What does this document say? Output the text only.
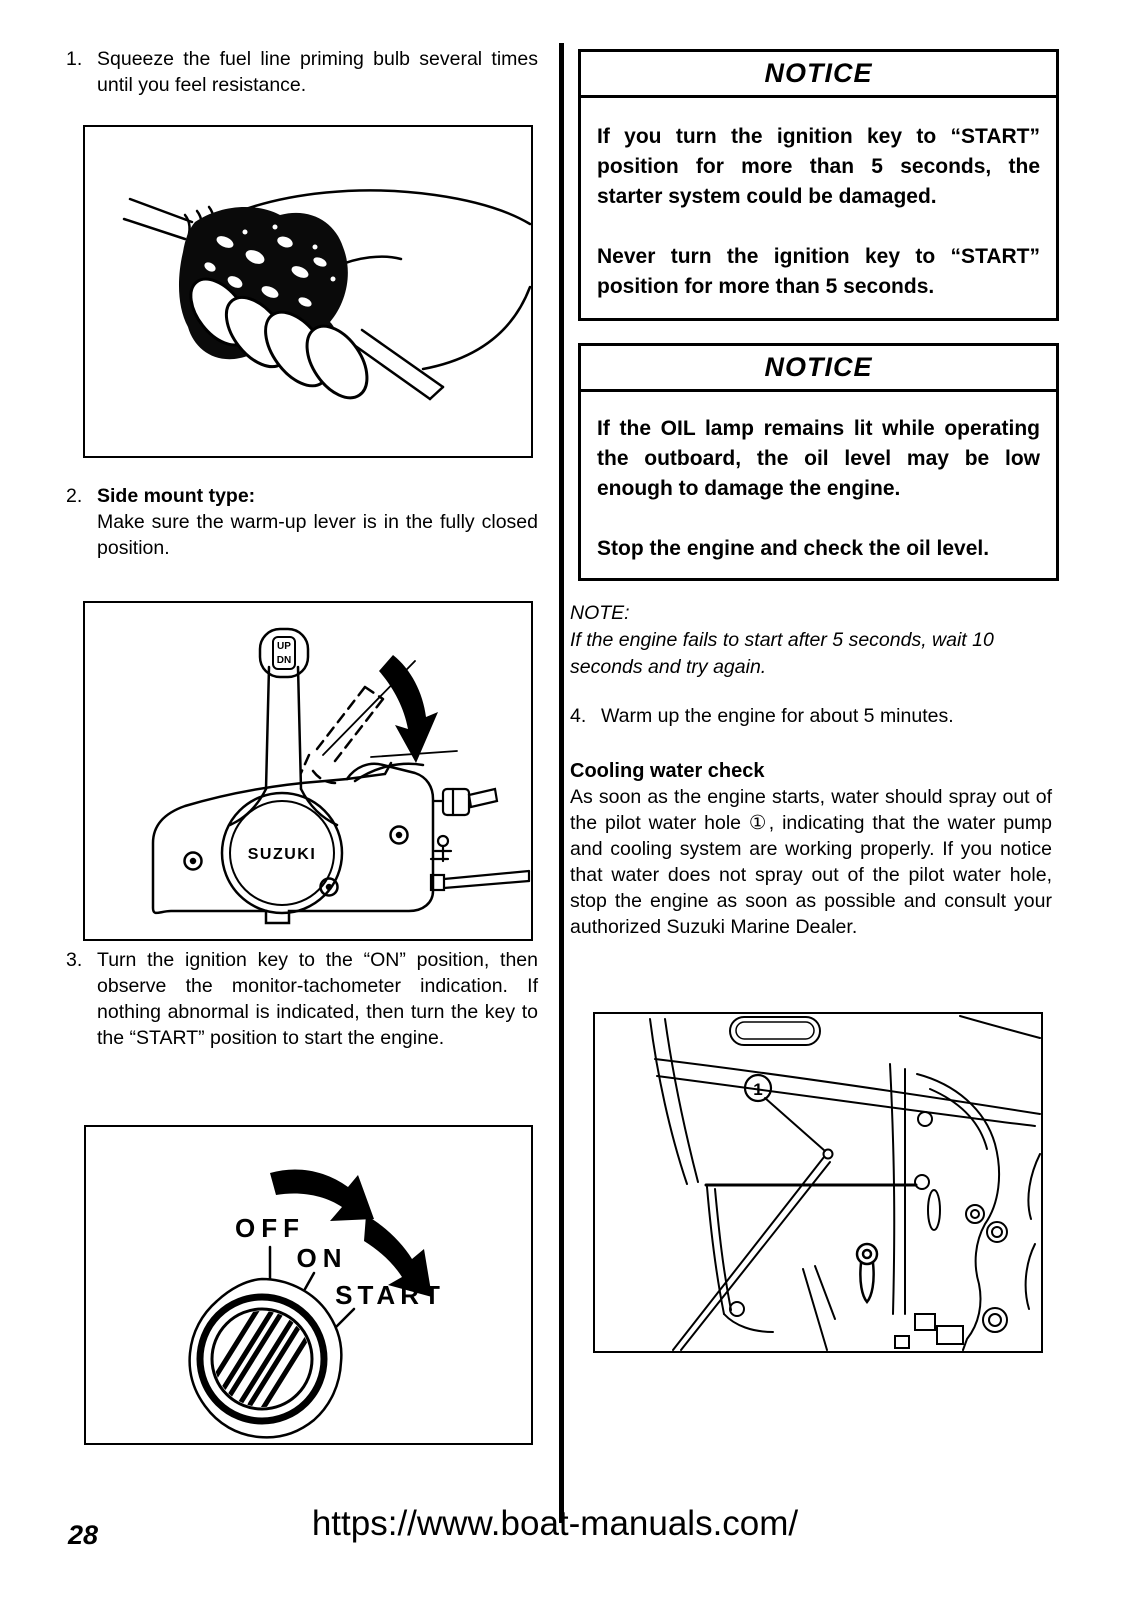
1. Squeeze the fuel line priming bulb several times until you feel resistance.
2. Side mount type:
Make sure the warm-up lever is in the fully closed position.
UP
DN
SUZUKI
3. Turn the ignition key to the “ON” position, then observe the monitor-tachometer indication. If nothing abnormal is indicated, then turn the key to the “START” position to start the engine.
OFF
ON
START
NOTICE

If you turn the ignition key to “START” position for more than 5 seconds, the starter system could be damaged.

Never turn the ignition key to “START” position for more than 5 seconds.

NOTICE

If the OIL lamp remains lit while operating the outboard, the oil level may be low enough to damage the engine.

Stop the engine and check the oil level.

NOTE:
If the engine fails to start after 5 seconds, wait 10 seconds and try again.
4. Warm up the engine for about 5 minutes.
Cooling water check
As soon as the engine starts, water should spray out of the pilot water hole ①, indicating that the water pump and cooling system are working properly. If you notice that water does not spray out of the pilot water hole, stop the engine as soon as possible and consult your authorized Suzuki Marine Dealer.
1
https://www.boat-manuals.com/
28
